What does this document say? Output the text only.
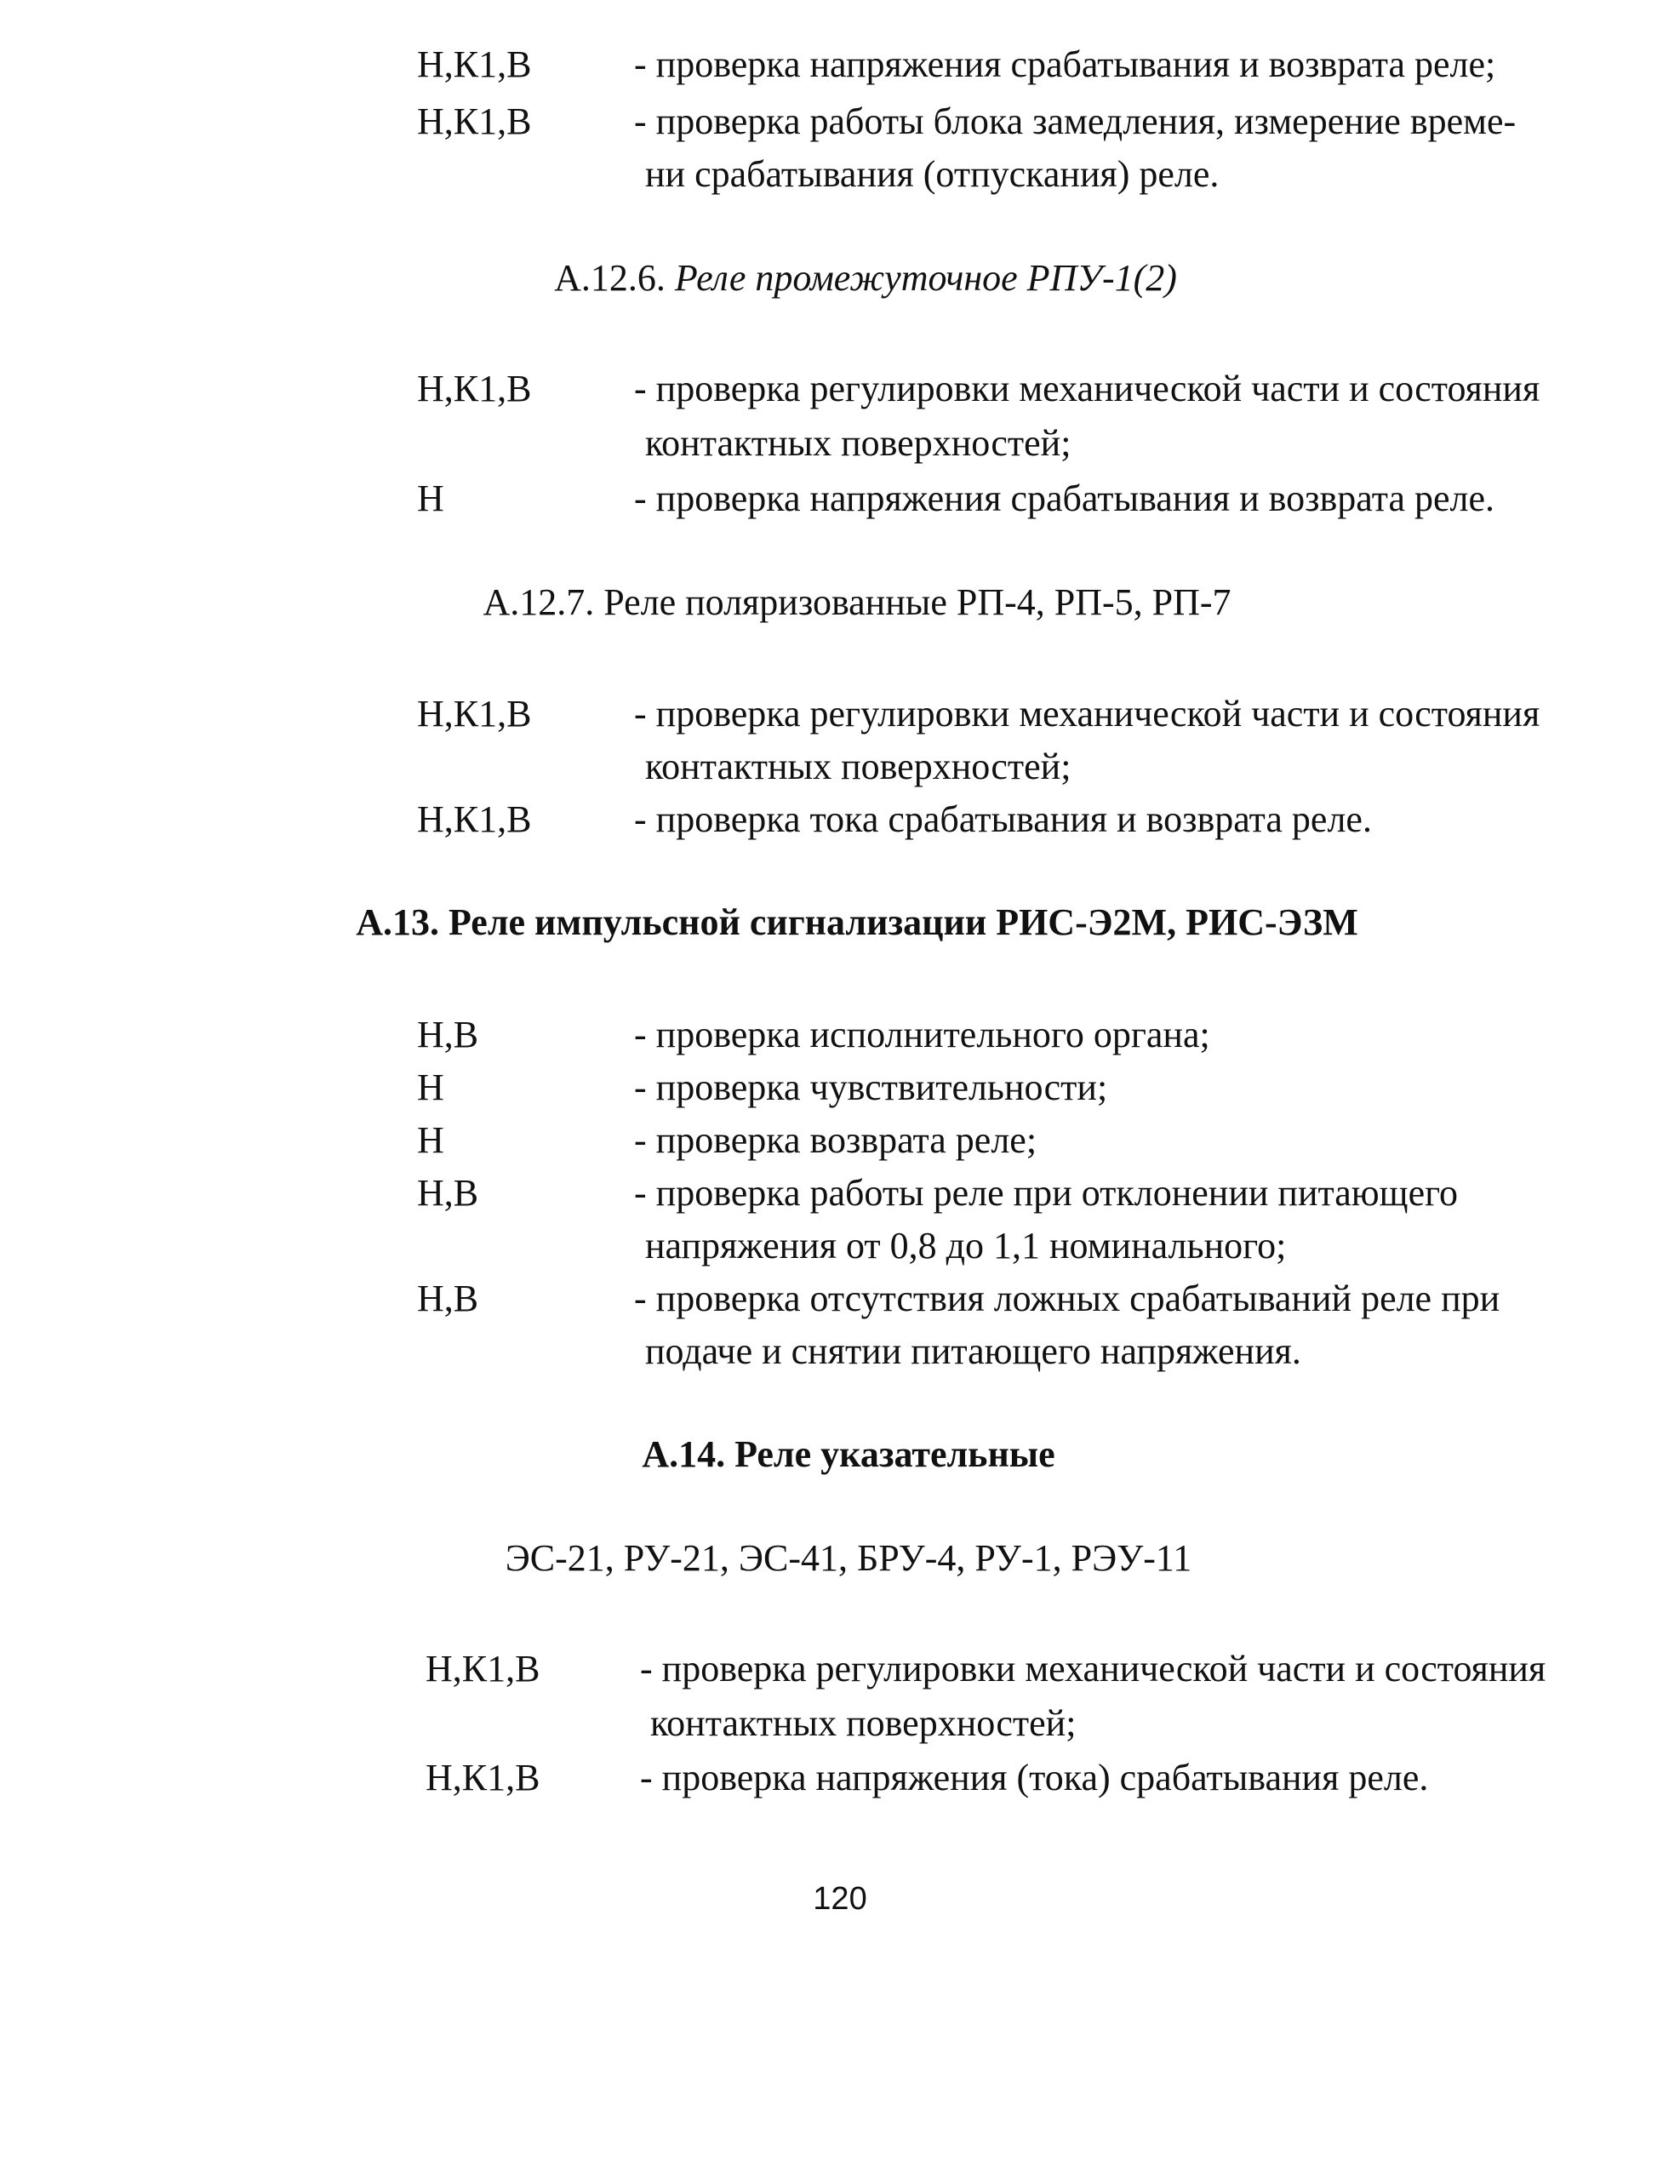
Н,К1,В	- проверка напряжения срабатывания и возврата реле;
Н,К1,В	- проверка работы блока замедления, измерение време-
ни срабатывания (отпускания) реле.
А.12.6. Реле промежуточное РПУ-1(2)
Н,К1,В	- проверка регулировки механической части и состояния
контактных поверхностей;
Н	- проверка напряжения срабатывания и возврата реле.
А.12.7. Реле поляризованные РП-4, РП-5, РП-7
Н,К1,В	- проверка регулировки механической части и состояния
контактных поверхностей;
Н,К1,В	- проверка тока срабатывания и возврата реле.
А.13. Реле импульсной сигнализации РИС-Э2М, РИС-ЭЗМ
Н,В	- проверка исполнительного органа;
Н	- проверка чувствительности;
Н	- проверка возврата реле;
Н,В	- проверка работы реле при отклонении питающего
напряжения от 0,8 до 1,1 номинального;
Н,В	- проверка отсутствия ложных срабатываний реле при
подаче и снятии питающего напряжения.
А.14. Реле указательные
ЭС-21, РУ-21, ЭС-41, БРУ-4, РУ-1, РЭУ-11
Н,К1,В	- проверка регулировки механической части и состояния
контактных поверхностей;
Н,К1,В	- проверка напряжения (тока) срабатывания реле.
120
